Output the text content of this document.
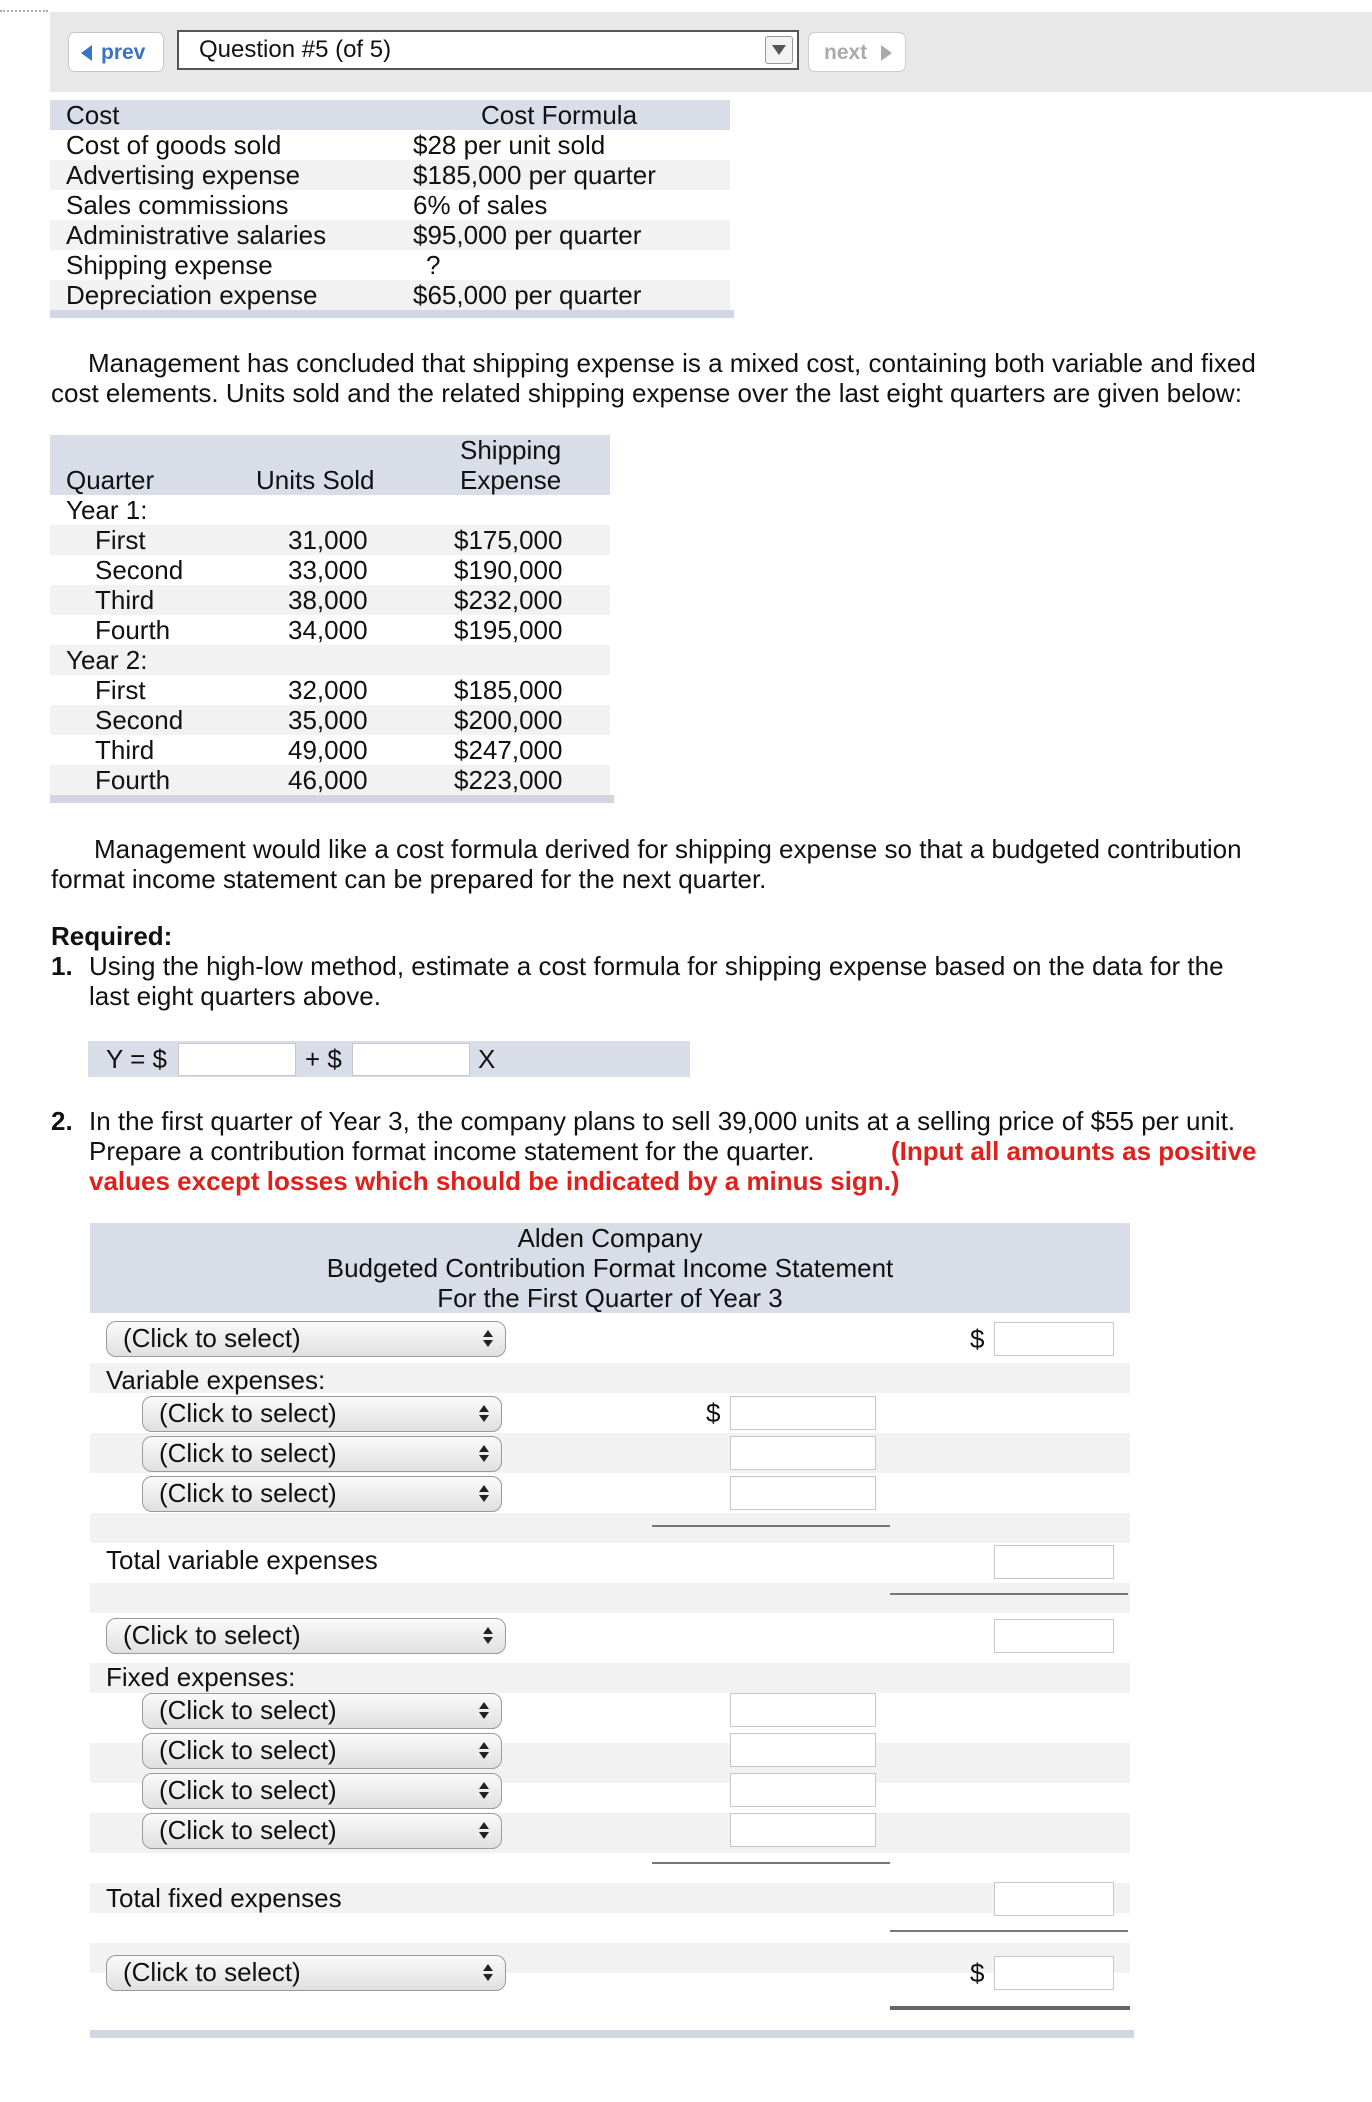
prev	Question #5 (of 5)	next
Cost	Cost Formula
Cost of goods sold	$28 per unit sold
Advertising expense	$185,000 per quarter
Sales commissions	6% of sales
Administrative salaries	$95,000 per quarter
Shipping expense	?
Depreciation expense	$65,000 per quarter
Management has concluded that shipping expense is a mixed cost, containing both variable and fixed
cost elements. Units sold and the related shipping expense over the last eight quarters are given below:
Quarter	Units Sold
Shipping
Expense
Year 1:
First	31,000	$175,000
Second	33,000	$190,000
Third	38,000	$232,000
Fourth	34,000	$195,000
Year 2:
First	32,000	$185,000
Second	35,000	$200,000
Third	49,000	$247,000
Fourth	46,000	$223,000
Management would like a cost formula derived for shipping expense so that a budgeted contribution
format income statement can be prepared for the next quarter.
Required:
1. Using the high-low method, estimate a cost formula for shipping expense based on the data for the
last eight quarters above.
Y = $	+ $	X
2. In the first quarter of Year 3, the company plans to sell 39,000 units at a selling price of $55 per unit.
Prepare a contribution format income statement for the quarter.	(Input all amounts as positive
values except losses which should be indicated by a minus sign.)
Alden Company
Budgeted Contribution Format Income Statement
For the First Quarter of Year 3
(Click to select)	$
Variable expenses:
(Click to select)	$
(Click to select)
(Click to select)
Total variable expenses
(Click to select)
Fixed expenses:
(Click to select)
(Click to select)
(Click to select)
(Click to select)
Total fixed expenses
(Click to select)	$
